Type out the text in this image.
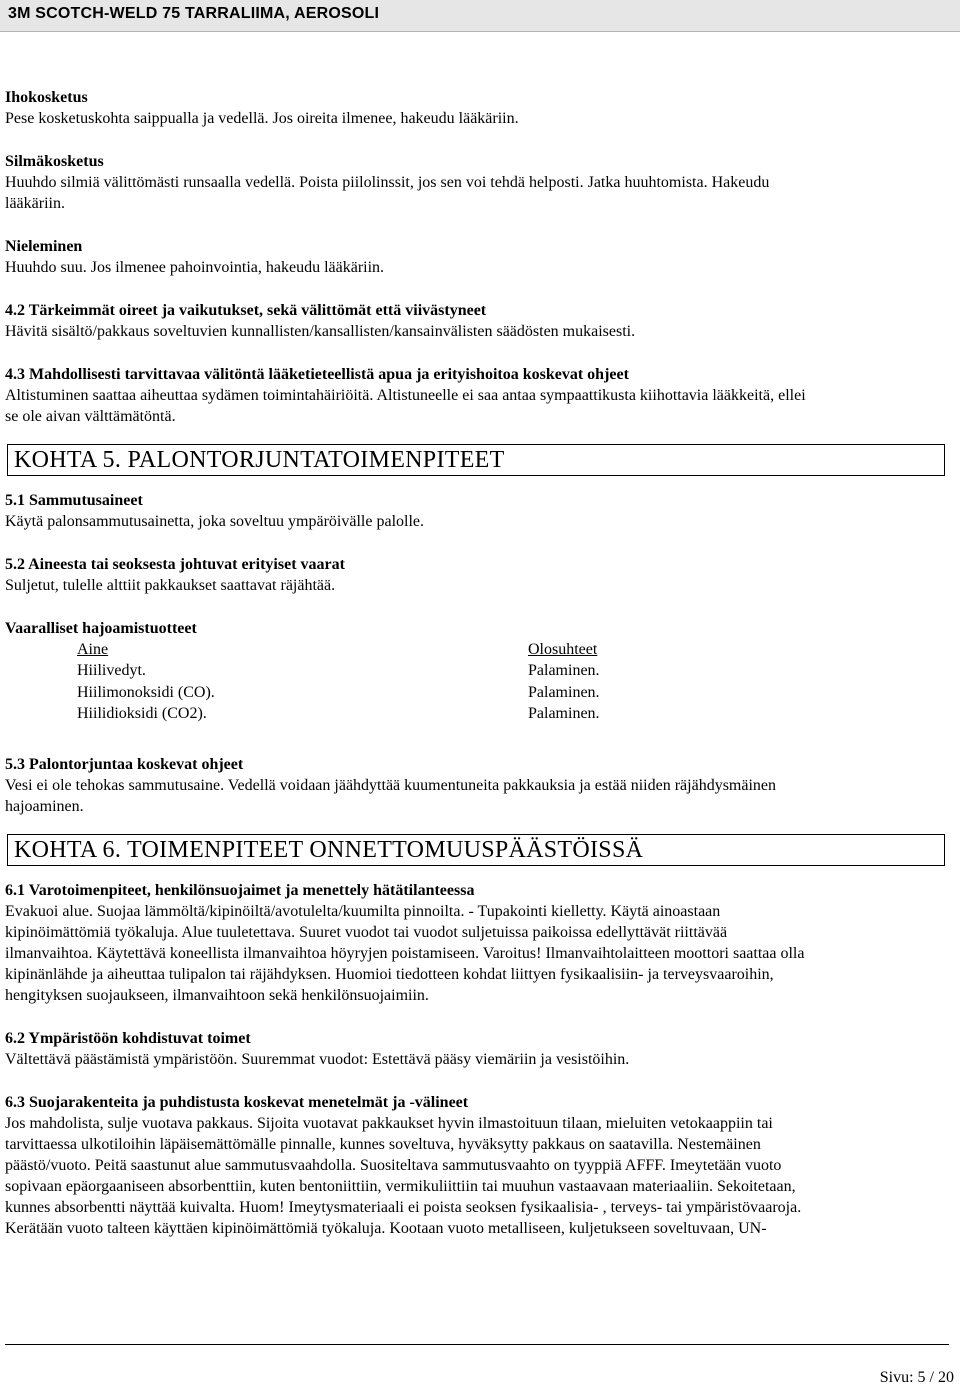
3M SCOTCH-WELD 75 TARRALIIMA, AEROSOLI
Ihokosketus
Pese kosketuskohta saippualla ja vedellä. Jos oireita ilmenee, hakeudu lääkäriin.
Silmäkosketus
Huuhdo silmiä välittömästi runsaalla vedellä. Poista piilolinssit, jos sen voi tehdä helposti. Jatka huuhtomista. Hakeudu
lääkäriin.
Nieleminen
Huuhdo suu. Jos ilmenee pahoinvointia, hakeudu lääkäriin.
4.2 Tärkeimmät oireet ja vaikutukset, sekä välittömät että viivästyneet
Hävitä sisältö/pakkaus soveltuvien kunnallisten/kansallisten/kansainvälisten säädösten mukaisesti.
4.3 Mahdollisesti tarvittavaa välitöntä lääketieteellistä apua ja erityishoitoa koskevat ohjeet
Altistuminen saattaa aiheuttaa sydämen toimintahäiriöitä. Altistuneelle ei saa antaa sympaattikusta kiihottavia lääkkeitä, ellei
se ole aivan välttämätöntä.
KOHTA 5. PALONTORJUNTATOIMENPITEET
5.1 Sammutusaineet
Käytä palonsammutusainetta, joka soveltuu ympäröivälle palolle.
5.2 Aineesta tai seoksesta johtuvat erityiset vaarat
Suljetut, tulelle alttiit pakkaukset saattavat räjähtää.
Vaaralliset hajoamistuotteet
Aine	Olosuhteet
Hiilivedyt.	Palaminen.
Hiilimonoksidi (CO).	Palaminen.
Hiilidioksidi (CO2).	Palaminen.
5.3 Palontorjuntaa koskevat ohjeet
Vesi ei ole tehokas sammutusaine. Vedellä voidaan jäähdyttää kuumentuneita pakkauksia ja estää niiden räjähdysmäinen
hajoaminen.
KOHTA 6. TOIMENPITEET ONNETTOMUUSPÄÄSTÖISSÄ
6.1 Varotoimenpiteet, henkilönsuojaimet ja menettely hätätilanteessa
Evakuoi alue. Suojaa lämmöltä/kipinöiltä/avotulelta/kuumilta pinnoilta. - Tupakointi kielletty. Käytä ainoastaan
kipinöimättömiä työkaluja. Alue tuuletettava. Suuret vuodot tai vuodot suljetuissa paikoissa edellyttävät riittävää
ilmanvaihtoa. Käytettävä koneellista ilmanvaihtoa höyryjen poistamiseen. Varoitus! Ilmanvaihtolaitteen moottori saattaa olla
kipinänlähde ja aiheuttaa tulipalon tai räjähdyksen. Huomioi tiedotteen kohdat liittyen fysikaalisiin- ja terveysvaaroihin,
hengityksen suojaukseen, ilmanvaihtoon sekä henkilönsuojaimiin.
6.2 Ympäristöön kohdistuvat toimet
Vältettävä päästämistä ympäristöön. Suuremmat vuodot: Estettävä pääsy viemäriin ja vesistöihin.
6.3 Suojarakenteita ja puhdistusta koskevat menetelmät ja -välineet
Jos mahdolista, sulje vuotava pakkaus. Sijoita vuotavat pakkaukset hyvin ilmastoituun tilaan, mieluiten vetokaappiin tai
tarvittaessa ulkotiloihin läpäisemättömälle pinnalle, kunnes soveltuva, hyväksytty pakkaus on saatavilla. Nestemäinen
päästö/vuoto. Peitä saastunut alue sammutusvaahdolla. Suositeltava sammutusvaahto on tyyppiä AFFF. Imeytetään vuoto
sopivaan epäorgaaniseen absorbenttiin, kuten bentoniittiin, vermikuliittiin tai muuhun vastaavaan materiaaliin. Sekoitetaan,
kunnes absorbentti näyttää kuivalta. Huom! Imeytysmateriaali ei poista seoksen fysikaalisia- , terveys- tai ympäristövaaroja.
Kerätään vuoto talteen käyttäen kipinöimättömiä työkaluja. Kootaan vuoto metalliseen, kuljetukseen soveltuvaan, UN-
Sivu: 5 / 20
